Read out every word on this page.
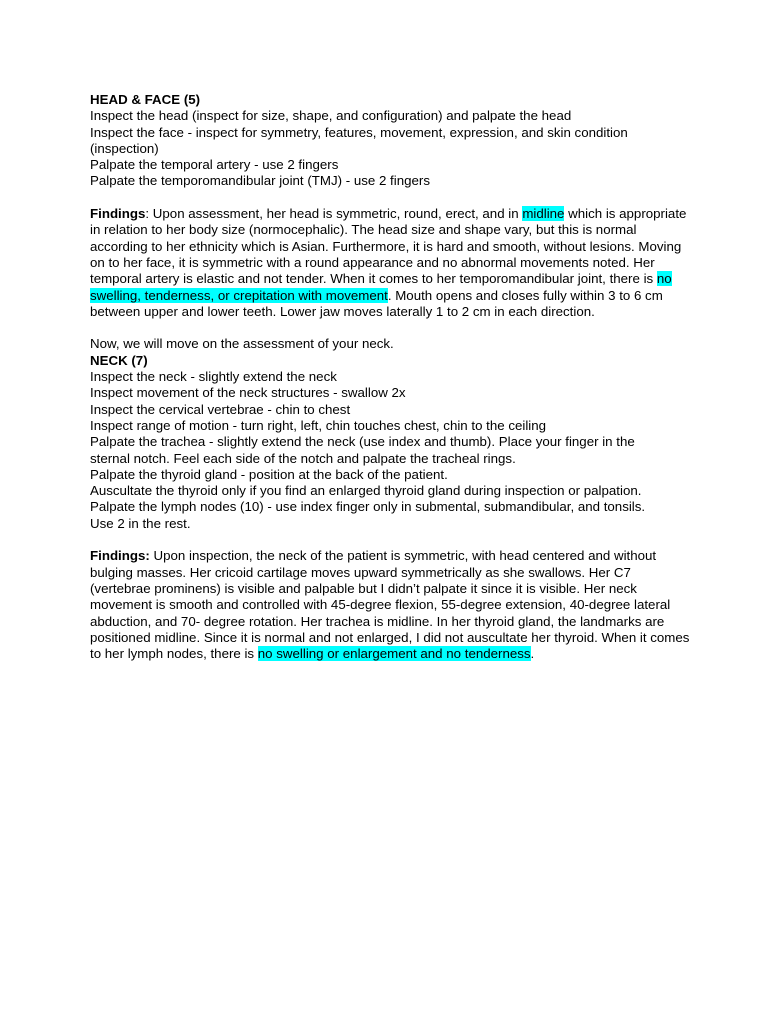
HEAD & FACE (5)
Inspect the head (inspect for size, shape, and configuration) and palpate the head
Inspect the face - inspect for symmetry, features, movement, expression, and skin condition
(inspection)
Palpate the temporal artery - use 2 fingers
Palpate the temporomandibular joint (TMJ) - use 2 fingers

Findings: Upon assessment, her head is symmetric, round, erect, and in midline which is appropriate in relation to her body size (normocephalic). The head size and shape vary, but this is normal according to her ethnicity which is Asian. Furthermore, it is hard and smooth, without lesions. Moving on to her face, it is symmetric with a round appearance and no abnormal movements noted. Her temporal artery is elastic and not tender. When it comes to her temporomandibular joint, there is no swelling, tenderness, or crepitation with movement. Mouth opens and closes fully within 3 to 6 cm between upper and lower teeth. Lower jaw moves laterally 1 to 2 cm in each direction.

Now, we will move on the assessment of your neck.
NECK (7)
Inspect the neck - slightly extend the neck
Inspect movement of the neck structures - swallow 2x
Inspect the cervical vertebrae - chin to chest
Inspect range of motion - turn right, left, chin touches chest, chin to the ceiling
Palpate the trachea - slightly extend the neck (use index and thumb). Place your finger in the
sternal notch. Feel each side of the notch and palpate the tracheal rings.
Palpate the thyroid gland - position at the back of the patient.
Auscultate the thyroid only if you find an enlarged thyroid gland during inspection or palpation.
Palpate the lymph nodes (10) - use index finger only in submental, submandibular, and tonsils.
Use 2 in the rest.

Findings: Upon inspection, the neck of the patient is symmetric, with head centered and without bulging masses. Her cricoid cartilage moves upward symmetrically as she swallows. Her C7 (vertebrae prominens) is visible and palpable but I didn’t palpate it since it is visible. Her neck movement is smooth and controlled with 45-degree flexion, 55-degree extension, 40-degree lateral abduction, and 70- degree rotation. Her trachea is midline. In her thyroid gland, the landmarks are positioned midline. Since it is normal and not enlarged, I did not auscultate her thyroid. When it comes to her lymph nodes, there is no swelling or enlargement and no tenderness.
